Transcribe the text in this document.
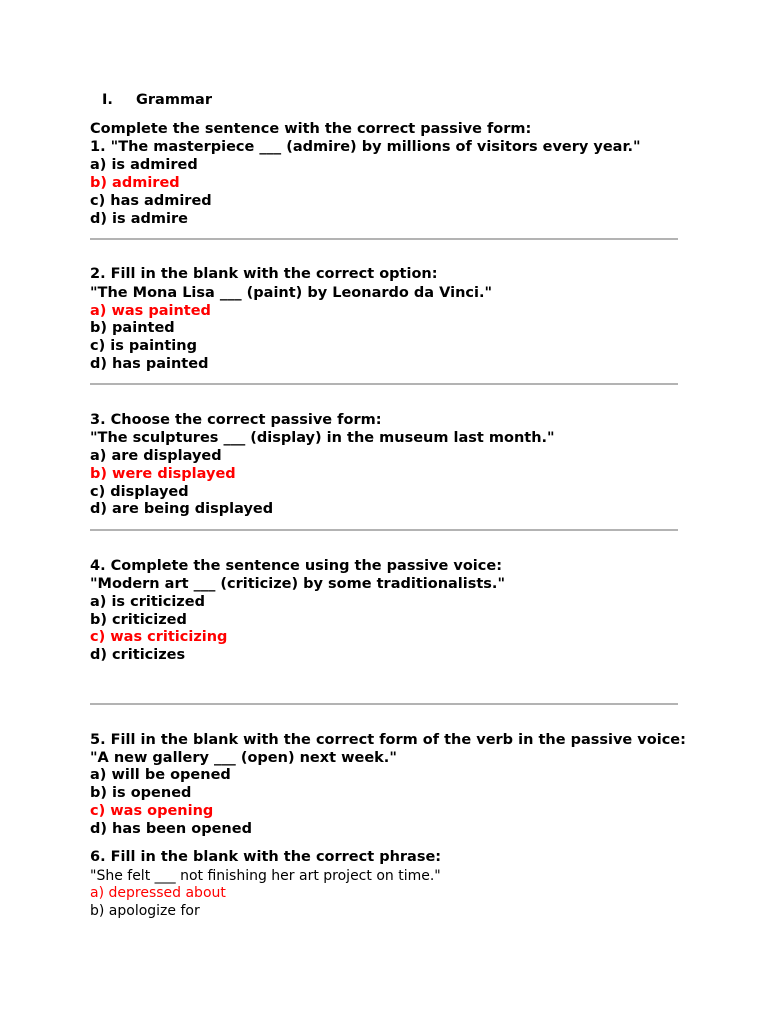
I. Grammar
Complete the sentence with the correct passive form:
1. "The masterpiece ___ (admire) by millions of visitors every year."
a) is admired
b) admired
c) has admired
d) is admire
2. Fill in the blank with the correct option:
"The Mona Lisa ___ (paint) by Leonardo da Vinci."
a) was painted
b) painted
c) is painting
d) has painted
3. Choose the correct passive form:
"The sculptures ___ (display) in the museum last month."
a) are displayed
b) were displayed
c) displayed
d) are being displayed
4. Complete the sentence using the passive voice:
"Modern art ___ (criticize) by some traditionalists."
a) is criticized
b) criticized
c) was criticizing
d) criticizes
5. Fill in the blank with the correct form of the verb in the passive voice:
"A new gallery ___ (open) next week."
a) will be opened
b) is opened
c) was opening
d) has been opened
6. Fill in the blank with the correct phrase:
"She felt ___ not finishing her art project on time."
a) depressed about
b) apologize for
